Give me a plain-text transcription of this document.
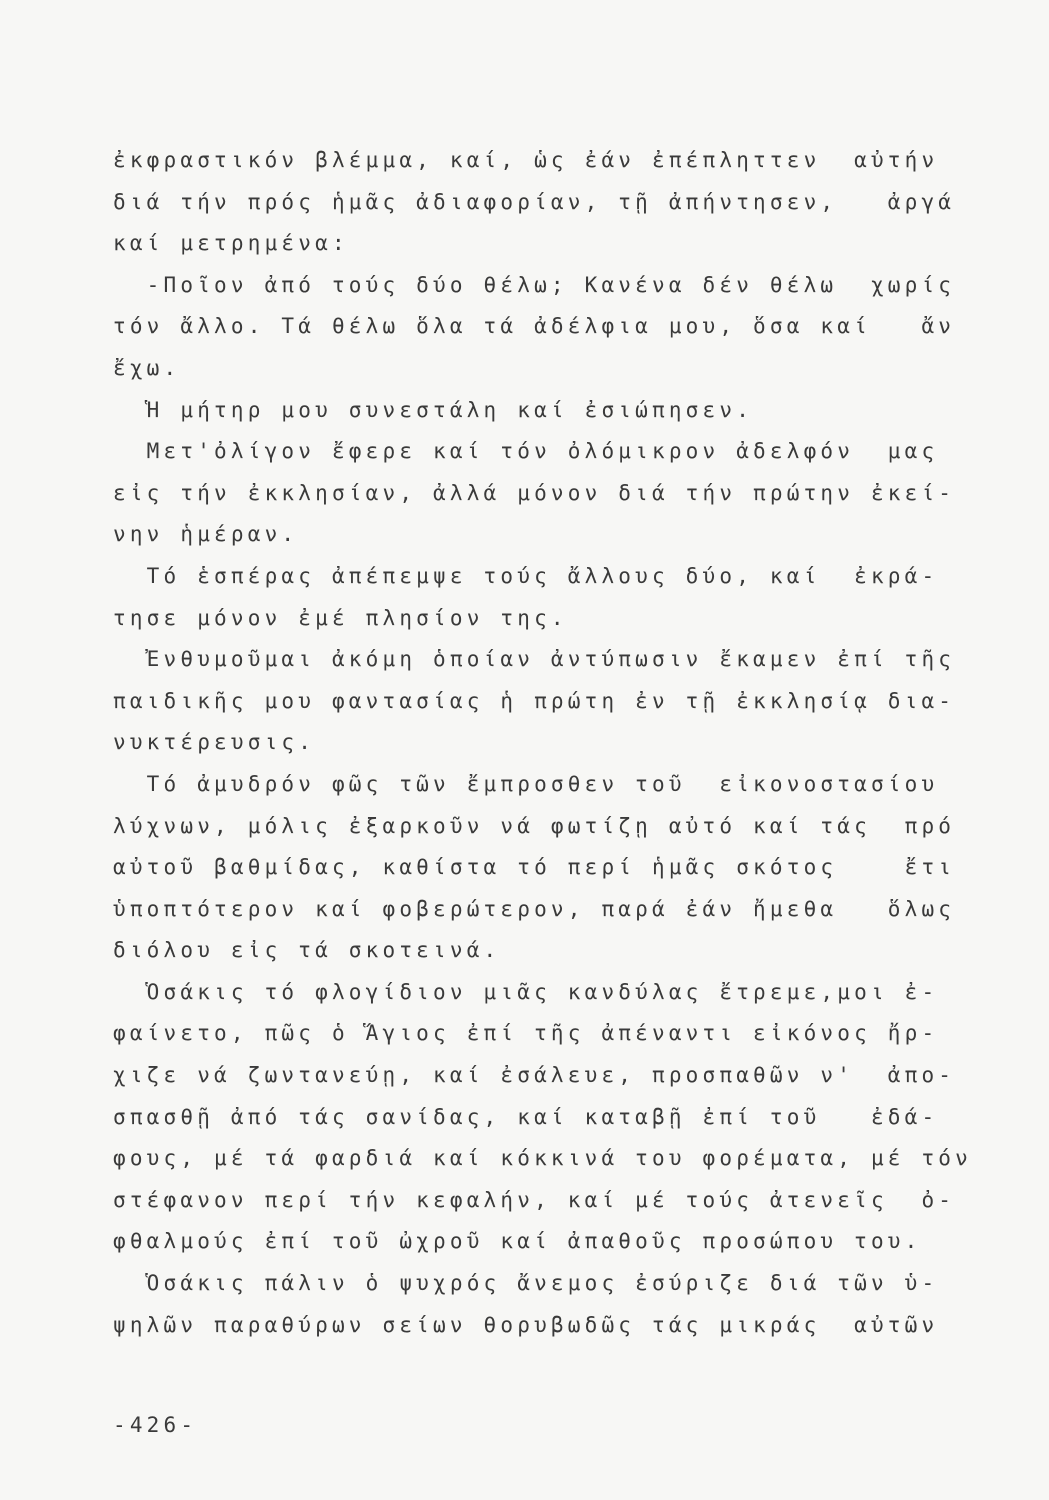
ἐκφραστικόν βλέμμα, καί, ὡς ἐάν ἐπέπληττεν  αὐτήν
διά τήν πρός ἡμᾶς ἀδιαφορίαν, τῇ ἀπήντησεν,   ἀργά
καί μετρημένα:
-Ποῖον ἀπό τούς δύο θέλω; Κανένα δέν θέλω  χωρίς
τόν ἄλλο. Τά θέλω ὅλα τά ἀδέλφια μου, ὅσα καί   ἄν
ἔχω.
Ἡ μήτηρ μου συνεστάλη καί ἐσιώπησεν.
Μετ'ὀλίγον ἔφερε καί τόν ὀλόμικρον ἀδελφόν  μας
εἰς τήν ἐκκλησίαν, ἀλλά μόνον διά τήν πρώτην ἐκεί-
νην ἡμέραν.
Τό ἑσπέρας ἀπέπεμψε τούς ἄλλους δύο, καί  ἐκρά-
τησε μόνον ἐμέ πλησίον της.
Ἐνθυμοῦμαι ἀκόμη ὁποίαν ἀντύπωσιν ἔκαμεν ἐπί τῆς
παιδικῆς μου φαντασίας ἡ πρώτη ἐν τῇ ἐκκλησίᾳ δια-
νυκτέρευσις.
Τό ἀμυδρόν φῶς τῶν ἔμπροσθεν τοῦ  εἰκονοστασίου
λύχνων, μόλις ἐξαρκοῦν νά φωτίζῃ αὐτό καί τάς  πρό
αὐτοῦ βαθμίδας, καθίστα τό περί ἡμᾶς σκότος    ἔτι
ὑποπτότερον καί φοβερώτερον, παρά ἐάν ἤμεθα   ὅλως
διόλου εἰς τά σκοτεινά.
Ὁσάκις τό φλογίδιον μιᾶς κανδύλας ἔτρεμε,μοι ἐ-
φαίνετο, πῶς ὁ Ἅγιος ἐπί τῆς ἀπέναντι εἰκόνος ἤρ-
χιζε νά ζωντανεύῃ, καί ἐσάλευε, προσπαθῶν ν'  ἀπο-
σπασθῇ ἀπό τάς σανίδας, καί καταβῇ ἐπί τοῦ   ἐδά-
φους, μέ τά φαρδιά καί κόκκινά του φορέματα, μέ τόν
στέφανον περί τήν κεφαλήν, καί μέ τούς ἀτενεῖς  ὀ-
φθαλμούς ἐπί τοῦ ὠχροῦ καί ἀπαθοῦς προσώπου του.
Ὁσάκις πάλιν ὁ ψυχρός ἄνεμος ἐσύριζε διά τῶν ὑ-
ψηλῶν παραθύρων σείων θορυβωδῶς τάς μικράς  αὐτῶν
-426-
